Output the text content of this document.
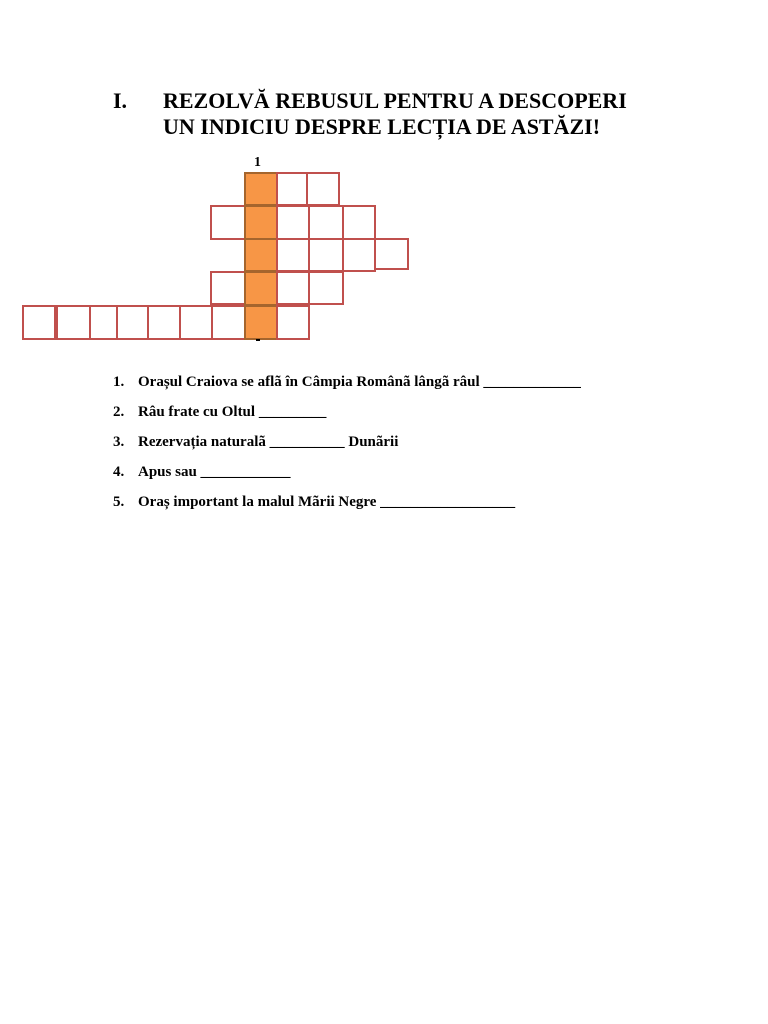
I. REZOLVĂ REBUSUL PENTRU A DESCOPERI
UN INDICIU DESPRE LECȚIA DE ASTĂZI!
1
1. Orașul Craiova se aflã în Câmpia Românã lângã râul _____________
2. Râu frate cu Oltul _________
3. Rezervația naturalã __________ Dunãrii
4. Apus sau ____________
5. Oraș important la malul Mãrii Negre __________________
